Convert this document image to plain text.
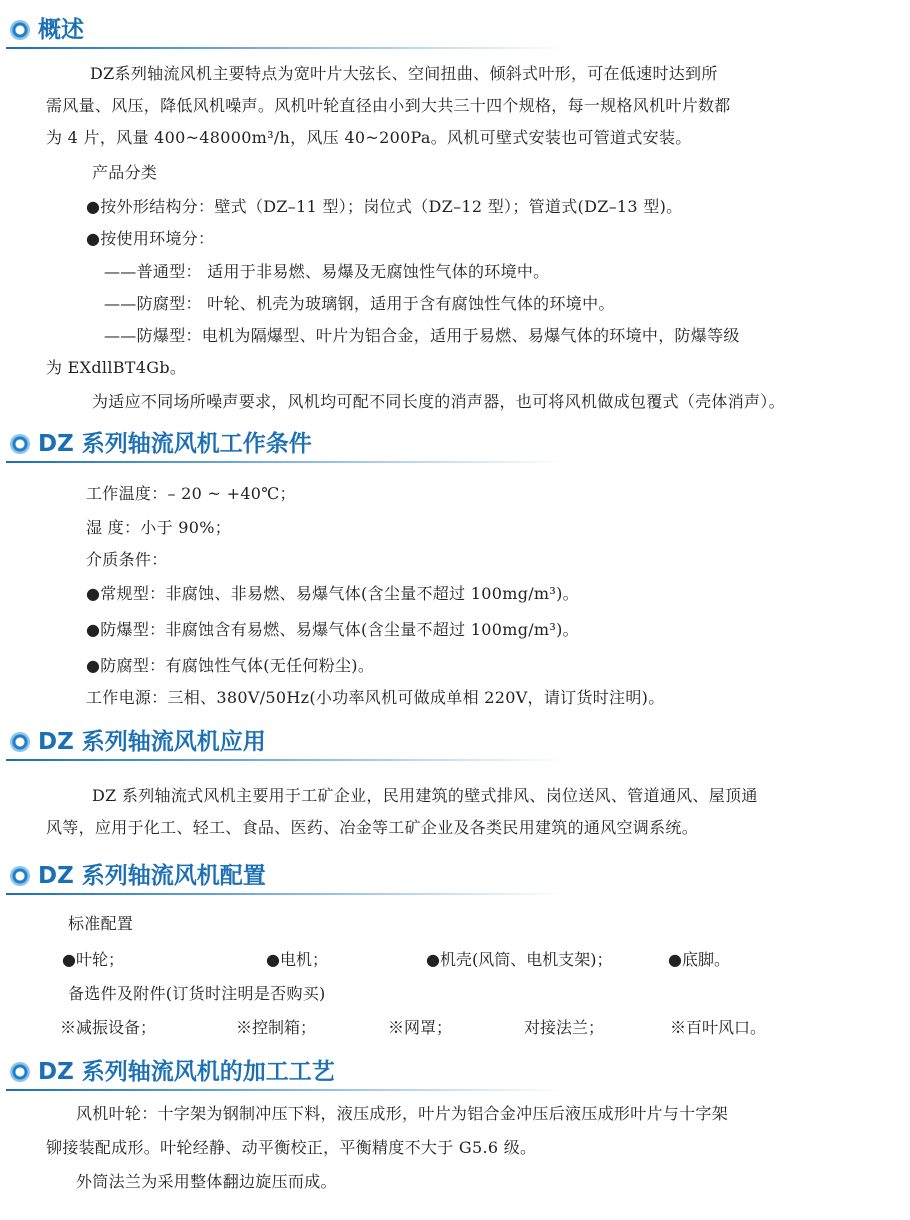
概述
DZ系列轴流风机主要特点为宽叶片大弦长、空间扭曲、倾斜式叶形，可在低速时达到所
需风量、风压，降低风机噪声。风机叶轮直径由小到大共三十四个规格，每一规格风机叶片数都
为 4 片，风量 400~48000m³/h，风压 40~200Pa。风机可壁式安装也可管道式安装。
产品分类
●按外形结构分：壁式（DZ–11 型）；岗位式（DZ–12 型）；管道式(DZ–13 型)。
●按使用环境分：
——普通型： 适用于非易燃、易爆及无腐蚀性气体的环境中。
——防腐型： 叶轮、机壳为玻璃钢，适用于含有腐蚀性气体的环境中。
——防爆型：电机为隔爆型、叶片为铝合金，适用于易燃、易爆气体的环境中，防爆等级
为 EXdllBT4Gb。
为适应不同场所噪声要求，风机均可配不同长度的消声器，也可将风机做成包覆式（壳体消声）。
DZ 系列轴流风机工作条件
工作温度：– 20 ~ +40℃；
湿 度：小于 90%；
介质条件：
●常规型：非腐蚀、非易燃、易爆气体(含尘量不超过 100mg/m³)。
●防爆型：非腐蚀含有易燃、易爆气体(含尘量不超过 100mg/m³)。
●防腐型：有腐蚀性气体(无任何粉尘)。
工作电源：三相、380V/50Hz(小功率风机可做成单相 220V，请订货时注明)。
DZ 系列轴流风机应用
DZ 系列轴流式风机主要用于工矿企业，民用建筑的壁式排风、岗位送风、管道通风、屋顶通
风等，应用于化工、轻工、食品、医药、冶金等工矿企业及各类民用建筑的通风空调系统。
DZ 系列轴流风机配置
标准配置
●叶轮；	●电机；	●机壳(风筒、电机支架)；	●底脚。
备选件及附件(订货时注明是否购买)
※减振设备；	※控制箱；	※网罩；	对接法兰；	※百叶风口。
DZ 系列轴流风机的加工工艺
风机叶轮：十字架为钢制冲压下料，液压成形，叶片为铝合金冲压后液压成形叶片与十字架
铆接装配成形。叶轮经静、动平衡校正，平衡精度不大于 G5.6 级。
外筒法兰为采用整体翻边旋压而成。
